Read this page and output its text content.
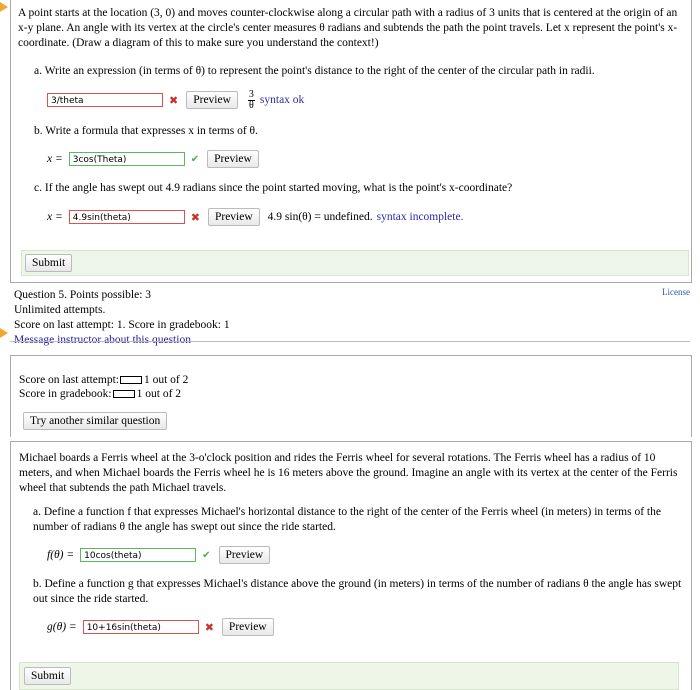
A point starts at the location (3, 0) and moves counter-clockwise along a circular path with a radius of 3 units that is centered at the origin of an x-y plane. An angle with its vertex at the circle's center measures θ radians and subtends the path the point travels. Let x represent the point's x-coordinate. (Draw a diagram of this to make sure you understand the context!)
a. Write an expression (in terms of θ) to represent the point's distance to the right of the center of the circular path in radii.
3/theta	✖	Preview	$\frac{3}{\theta}$ syntax ok
b. Write a formula that expresses x in terms of θ.
x =	3cos(Theta)	✔	Preview
c. If the angle has swept out 4.9 radians since the point started moving, what is the point's x-coordinate?
x =	4.9sin(theta)	✖	Preview	4.9 sin(θ) = undefined. syntax incomplete.
Submit
Question 5. Points possible: 3
Unlimited attempts.
Score on last attempt: 1. Score in gradebook: 1
Message instructor about this question
License
Score on last attempt: 1 out of 2
Score in gradebook: 1 out of 2
Try another similar question
Michael boards a Ferris wheel at the 3-o'clock position and rides the Ferris wheel for several rotations. The Ferris wheel has a radius of 10 meters, and when Michael boards the Ferris wheel he is 16 meters above the ground. Imagine an angle with its vertex at the center of the Ferris wheel that subtends the path Michael travels.
a. Define a function f that expresses Michael's horizontal distance to the right of the center of the Ferris wheel (in meters) in terms of the number of radians θ the angle has swept out since the ride started.
f(θ) =	10cos(theta)	✔	Preview
b. Define a function g that expresses Michael's distance above the ground (in meters) in terms of the number of radians θ the angle has swept out since the ride started.
g(θ) =	10+16sin(theta)	✖	Preview
Submit
